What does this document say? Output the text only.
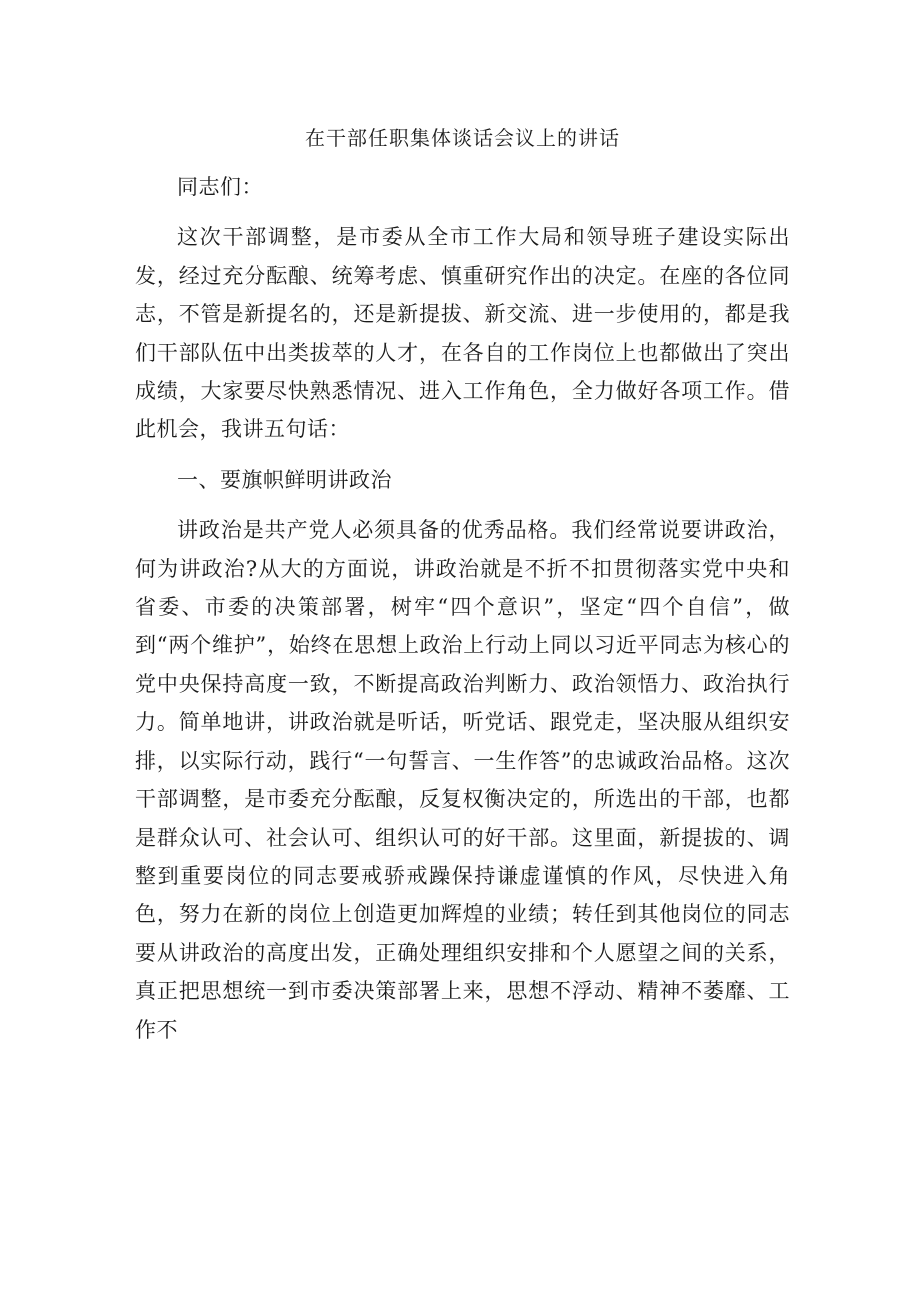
在干部任职集体谈话会议上的讲话

同志们：

这次干部调整，是市委从全市工作大局和领导班子建设实际出发，经过充分酝酿、统筹考虑、慎重研究作出的决定。在座的各位同志，不管是新提名的，还是新提拔、新交流、进一步使用的，都是我们干部队伍中出类拔萃的人才，在各自的工作岗位上也都做出了突出成绩，大家要尽快熟悉情况、进入工作角色，全力做好各项工作。借此机会，我讲五句话：

一、要旗帜鲜明讲政治

讲政治是共产党人必须具备的优秀品格。我们经常说要讲政治，何为讲政治?从大的方面说，讲政治就是不折不扣贯彻落实党中央和省委、市委的决策部署，树牢“四个意识”，坚定“四个自信”，做到“两个维护”，始终在思想上政治上行动上同以习近平同志为核心的党中央保持高度一致，不断提高政治判断力、政治领悟力、政治执行力。简单地讲，讲政治就是听话，听党话、跟党走，坚决服从组织安排，以实际行动，践行“一句誓言、一生作答”的忠诚政治品格。这次干部调整，是市委充分酝酿，反复权衡决定的，所选出的干部，也都是群众认可、社会认可、组织认可的好干部。这里面，新提拔的、调整到重要岗位的同志要戒骄戒躁保持谦虚谨慎的作风，尽快进入角色，努力在新的岗位上创造更加辉煌的业绩；转任到其他岗位的同志要从讲政治的高度出发，正确处理组织安排和个人愿望之间的关系，真正把思想统一到市委决策部署上来，思想不浮动、精神不萎靡、工作不
